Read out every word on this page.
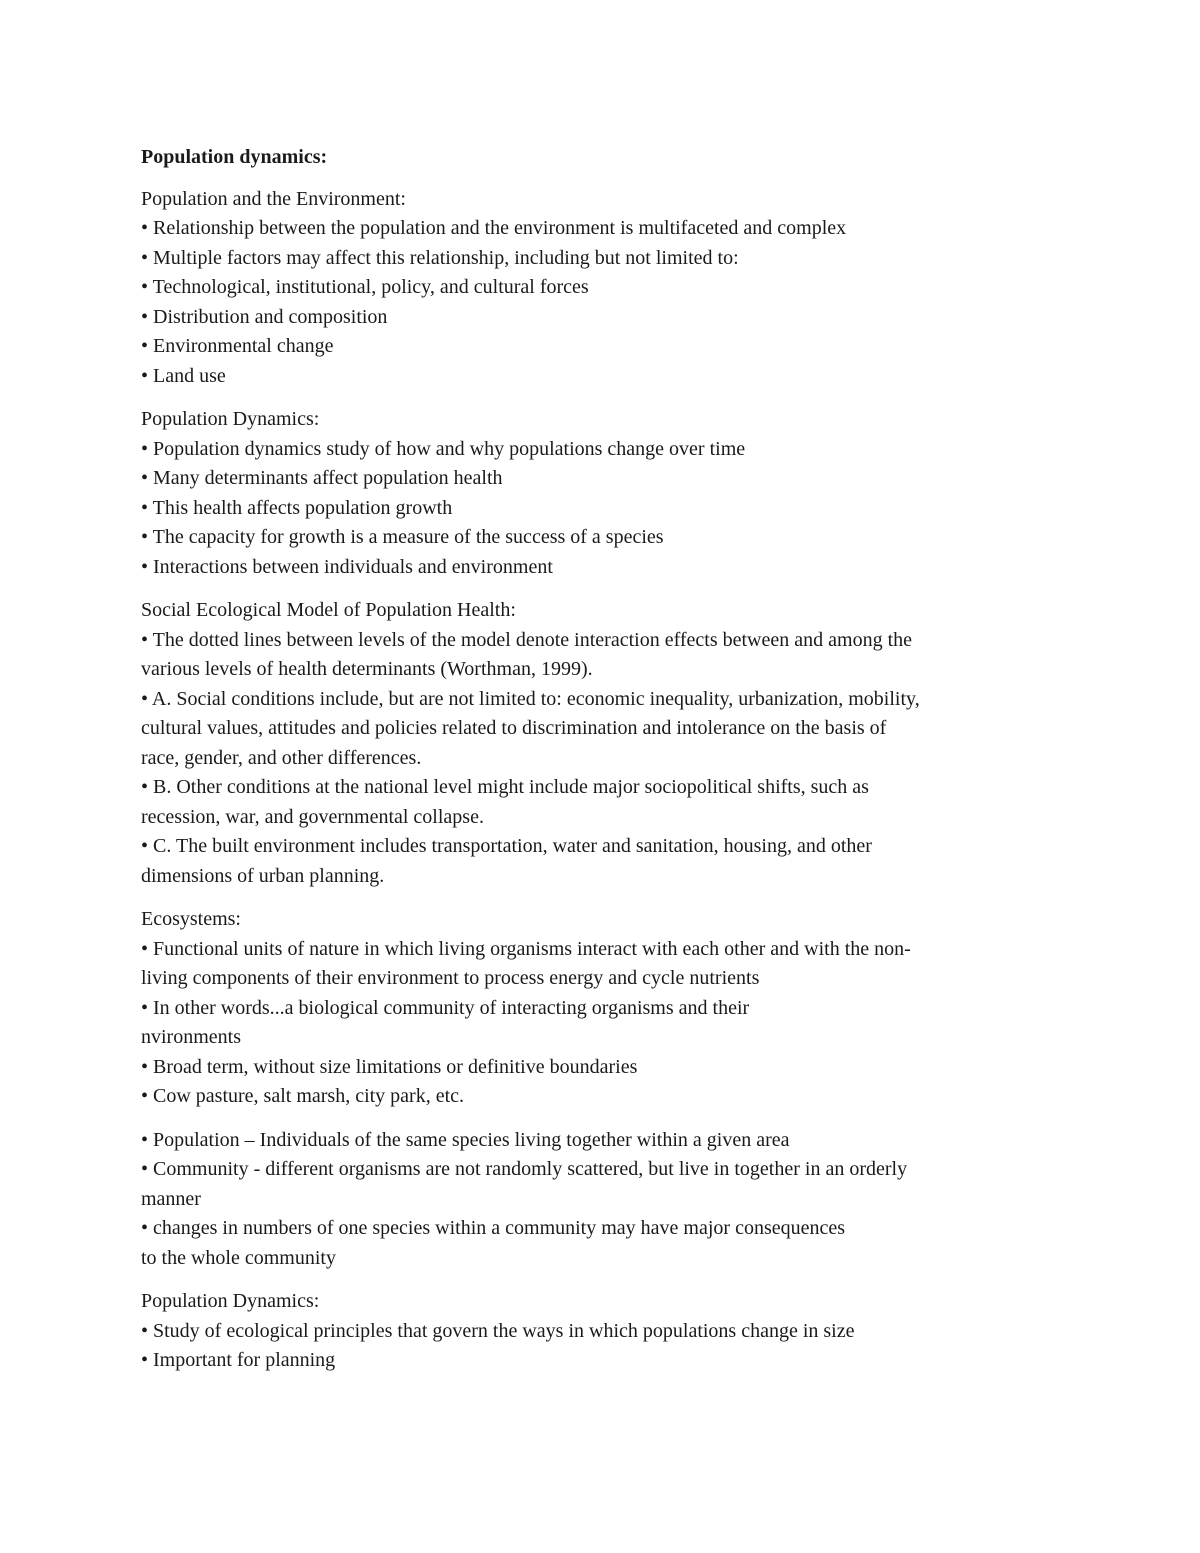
Population dynamics:

Population and the Environment:

• Relationship between the population and the environment is multifaceted and complex

• Multiple factors may affect this relationship, including but not limited to:

• Technological, institutional, policy, and cultural forces

• Distribution and composition

• Environmental change

• Land use

Population Dynamics:

• Population dynamics study of how and why populations change over time

• Many determinants affect population health

• This health affects population growth

• The capacity for growth is a measure of the success of a species

• Interactions between individuals and environment

Social Ecological Model of Population Health:

• The dotted lines between levels of the model denote interaction effects between and among the

various levels of health determinants (Worthman, 1999).

• A. Social conditions include, but are not limited to: economic inequality, urbanization, mobility,

cultural values, attitudes and policies related to discrimination and intolerance on the basis of

race, gender, and other differences.

• B. Other conditions at the national level might include major sociopolitical shifts, such as

recession, war, and governmental collapse.

• C. The built environment includes transportation, water and sanitation, housing, and other

dimensions of urban planning.

Ecosystems:

• Functional units of nature in which living organisms interact with each other and with the non-

living components of their environment to process energy and cycle nutrients

• In other words...a biological community of interacting organisms and their

nvironments

• Broad term, without size limitations or definitive boundaries

• Cow pasture, salt marsh, city park, etc.

• Population – Individuals of the same species living together within a given area

• Community - different organisms are not randomly scattered, but live in together in an orderly

manner

• changes in numbers of one species within a community may have major consequences

to the whole community

Population Dynamics:

• Study of ecological principles that govern the ways in which populations change in size

• Important for planning
